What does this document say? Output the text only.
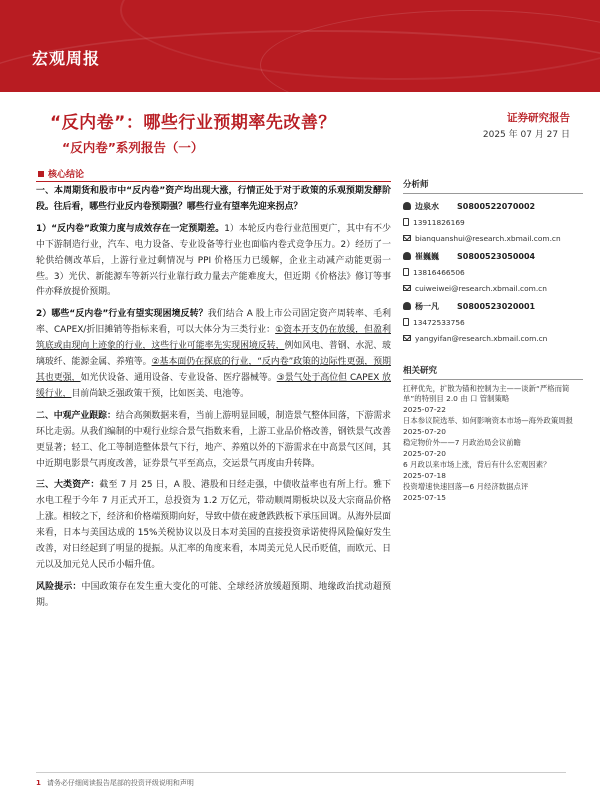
宏观周报
“反内卷”：哪些行业预期率先改善？
“反内卷”系列报告（一）
证券研究报告
2025 年 07 月 27 日
核心结论

一、本周期货和股市中“反内卷”资产均出现大涨，行情正处于对于政策的乐观预期发酵阶段。往后看，哪些行业反内卷预期强？哪些行业有望率先迎来拐点？

1）“反内卷”政策力度与成效存在一定预期差。1）本轮反内卷行业范围更广，其中有不少中下游制造行业，汽车、电力设备、专业设备等行业也面临内卷式竞争压力。2）经历了一轮供给侧改革后，上游行业过剩情况与 PPI 价格压力已缓解，企业主动减产动能更弱一些。3）光伏、新能源车等新兴行业靠行政力量去产能难度大，但近期《价格法》修订等事件亦释放提价预期。

2）哪些“反内卷”行业有望实现困境反转？我们结合 A 股上市公司固定资产周转率、毛利率、CAPEX/折旧摊销等指标来看，可以大体分为三类行业：①资本开支仍在放缓，但盈利筑底或由现向上迹象的行业，这些行业可能率先实现困境反转，例如风电、普钢、水泥、玻璃玻纤、能源金属、养殖等。②基本面仍在探底的行业，“反内卷”政策的边际性更强，预期其也更强，如光伏设备、通用设备、专业设备、医疗器械等。③景气处于高位但 CAPEX 放缓行业，目前尚缺乏强政策干预，比如医美、电池等。

二、中观产业跟踪：结合高频数据来看，当前上游明显回暖，制造景气整体回落，下游需求环比走弱。从我们编制的中观行业综合景气指数来看，上游工业品价格改善，钢铁景气改善更显著；轻工、化工等制造整体景气下行，地产、养殖以外的下游需求在中高景气区间，其中近期电影景气再度改善，证券景气平至高点，交运景气再度由升转降。

三、大类资产：截至 7 月 25 日，A 股、港股和日经走强，中债收益率也有所上行。雅下水电工程于今年 7 月正式开工，总投资为 1.2 万亿元，带动顺周期板块以及大宗商品价格上涨。相较之下，经济和价格端预期向好，导致中债在疲惫跌跌板下承压回调。从海外层面来看，日本与美国达成的 15%关税协议以及日本对美国的直接投资承诺使得风险偏好发生改善，对日经起到了明显的提振。从汇率的角度来看，本周美元兑人民币贬值，而欧元、日元以及加元兑人民币小幅升值。

风险提示：中国政策存在发生重大变化的可能、全球经济放缓超预期、地缘政治扰动超预期。

分析师
边泉水	S0800522070002
13911826169
bianquanshui@research.xbmail.com.cn
崔巍巍	S0800523050004
13816466506
cuiweiwei@research.xbmail.com.cn
杨一凡	S0800523020001
13472533756
yangyifan@research.xbmail.com.cn
相关研究
扛秤优先，扩散为锚和控制为主——谈新“严格而简单”的特别目 2.0 由 口 管制策略
2025-07-22
日本参议院选举、如何影响资本市场—海外政策周报
2025-07-20
稳定物价外——7 月政治局会议前瞻
2025-07-20
6 月政以来市场上涨，背后有什么宏观因素？
2025-07-18
投资增速快速回落—6 月经济数据点评
2025-07-15
1 请务必仔细阅读报告尾部的投资评级说明和声明
